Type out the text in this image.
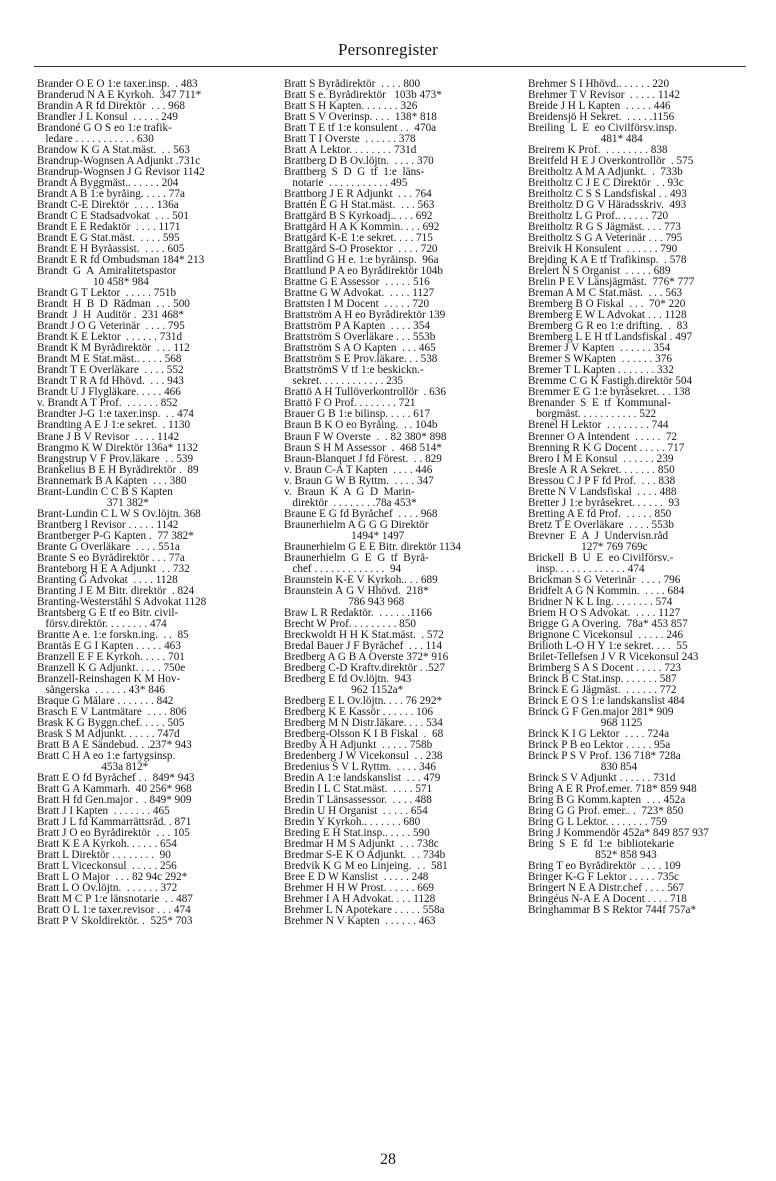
Personregister
Brander O E O 1:e taxer.insp.  . 483
Branderud N A E Kyrkoh.  347 711*
Brandin A R fd Direktör  . . . 968
Brandler J L Konsul  . . . . . 249
Brandoné G O S eo 1:e trafik-
ledare . . . . . . . . . . . 630
Brandow K G A Stat.mäst.  . . 563
Brandrup-Wognsen A Adjunkt .731c
Brandrup-Wognsen J G Revisor 1142
Brandt A Byggmäst.. . . . . . 204
Brandt A B 1:e byråing. . . . . 77a
Brandt C-E Direktör  . . . . 136a
Brandt C E Stadsadvokat  . . . 501
Brandt E E Redaktör  . . . . 1171
Brandt E G Stat.mäst.  . . . . 595
Brandt E H Byråassist.  . . . . 605
Brandt E R fd Ombudsman 184* 213
Brandt  G  A  Amiralitetspastor
10 458* 984
Brandt G T Lektor  . . . . . 751b
Brandt  H  B  D  Rådman  . . . 500
Brandt  J  H  Auditör .  231 468*
Brandt J O G Veterinär  . . . . 795
Brandt K E Lektor  . . . . . . 731d
Brandt K M Byrådirektör  . . . 112
Brandt M E Stat.mäst.. . . . . 568
Brandt T E Överläkare  . . . . 552
Brandt T R A fd Hhövd.  . . . 943
Brandt U J Flygläkare. . . . . 466
v. Brandt A T Prof.  . . . . . . 852
Brandter J-G 1:e taxer.insp.  . . 474
Brandting A E J 1:e sekret.  . 1130
Brane J B V Revisor  . . . . 1142
Brangmo K W Direktör 136a* 1132
Brangstrup V F Prov.läkare  . . 539
Brankelius B E H Byrådirektör .  89
Brannemark B A Kapten  . . . 380
Brant-Lundin C C B S Kapten
371 382*
Brant-Lundin C L W S Öv.löjtn. 368
Brantberg I Revisor . . . . . 1142
Brantberger P-G Kapten .  77 382*
Brante G Överläkare  . . . . 551a
Brante S eo Byrådirektör . . . 77a
Branteborg H E A Adjunkt  . . 732
Branting G Advokat  . . . . 1128
Branting J E M Bitr. direktör  . 824
Branting-Westerståhl S Advokat 1128
Brantsberg G E tf eo Bitr. civil-
försv.direktör. . . . . . . . 474
Brantte A e. 1:e forskn.ing.  . .  85
Brantås E G I Kapten . . . . . 463
Branzell E F E Kyrkoh. . . . . 701
Branzell K G Adjunkt. . . . . 750e
Branzell-Reinshagen K M Hov-
sångerska  . . . . . . 43* 846
Braque G Målare . . . . . . . 842
Brasch E V Lantmätare  . . . . 806
Brask K G Byggn.chef. . . . . 505
Brask S M Adjunkt. . . . . . 747d
Bratt B A E Sändebud. . .237* 943
Bratt C H A eo 1:e fartygsinsp.
453a 812*
Bratt E O fd Byråchef . .  849* 943
Bratt G A Kammarh.  40 256* 968
Bratt H fd Gen.major .  . 849* 909
Bratt J I Kapten  . . . . . . . 465
Bratt J L fd Kammarrättsråd. . 871
Bratt J O eo Byrådirektör  . . . 105
Bratt K E A Kyrkoh. . . . . . 654
Bratt L Direktör . . . . . . . .  90
Bratt L Viceckonsul  . . . . . 256
Bratt L O Major  . . . 82 94c 292*
Bratt L O Öv.löjtn.  . . . . . . 372
Bratt M C P 1:e länsnotarie  . . 487
Bratt O L 1:e taxer.revisor . . . 474
Bratt P V Skoldirektör. .  525* 703
Bratt S Byrådirektör  . . . . 800
Bratt S e. Byrådirektör   103b 473*
Bratt S H Kapten. . . . . . . 326
Bratt S V Överinsp. . . .  138* 818
Bratt T E tf 1:e konsulent . .  470a
Bratt T I Överste  . . . . . . 378
Bratt Å Lektor. . . . . . . . 731d
Brattberg D B Öv.löjtn.  . . . . 370
Brattberg  S  D  G  tf  1:e  läns-
notarie  . . . . . . . . . . . 495
Brattborg J E R Adjunkt  . . . 764
Brattén E G H Stat.mäst.  . . . 563
Brattgård B S Kyrkoadj.. . . . 692
Brattgård H A K Kommin. . . . 692
Brattgård K-E 1:e sekret. . . . 715
Brattgård S-O Prosektor  . . . . 720
Brattlind G H e. 1:e byråinsp.  96a
Brattlund P A eo Byrådirektör 104b
Brattne G E Assessor  . . . . . 516
Brattne G W Advokat.  . . . . 1127
Brattsten I M Docent  . . . . . 720
Brattström A H eo Byrådirektör 139
Brattström P A Kapten  . . . . 354
Brattström S Överläkare . . . 553b
Brattström S A O Kapten  . . . 465
Brattström S E Prov.läkare. . . 538
BrattströmS V tf 1:e beskickn.-
sekret. . . . . . . . . . . . 235
Brattö A H Tullöverkontrollör  . 636
Brattö F O Prof. . . . . . . . 721
Brauer G B 1:e bilinsp. . . . . 617
Braun B K O eo Byråing.  . . 104b
Braun F W Överste  .  . 82 380* 898
Braun S H M Assessor  .  468 514*
Braun-Blanquet J fd Förest.  . . 829
v. Braun C-A T Kapten  . . . . 446
v. Braun G W B Ryttm.  . . . . 347
v.  Braun  K  A  G  D  Marin-
direktör  . . . . . . . .78a 453*
Braune E G fd Byråchef  . . . . 968
Braunerhielm A G G G Direktör
1494* 1497
Braunerhielm G E E Bitr. direktör 1134
Braunerhielm  G  E  G  tf  Byrå-
chef . . . . . . . . . . . . .  94
Braunstein K-E V Kyrkoh.. . . 689
Braunstein Å G V Hhövd.  218*
786 943 968
Braw L R Redaktör.  . . . . . .1166
Brecht W Prof. . . . . . . . . 850
Breckwoldt H H K Stat.mäst.  . 572
Bredal Bauer J F Byråchef  . . . 114
Bredberg A G B A Överste 372* 916
Bredberg C-D Kraftv.direktör . .527
Bredberg E fd Öv.löjtn.  943
962 1152a*
Bredberg E L Öv.löjtn. . . . 76 292*
Bredberg K E Kassör . . . . . . 106
Bredberg M N Distr.läkare. . . . 534
Bredberg-Olsson K I B Fiskal  .  68
Bredby A H Adjunkt  . . . . . 758b
Bredenberg J W Vicekonsul  . . 238
Bredenius S V L Ryttm.  . . . . 346
Bredin A 1:e landskanslist  . . . 479
Bredin I L C Stat.mäst.  . . . . 571
Bredin T Länsassessor.  . . . . 488
Bredin U H Organist  . . . . . 654
Bredin Y Kyrkoh.. . . . . . . 680
Breding E H Stat.insp.. . . . . 590
Bredmar H M S Adjunkt  . . . 738c
Bredmar S-E K O Adjunkt.  . . 734b
Bredvik K G M eo Linjeing.  . .  581
Bree E D W Kanslist  . . . . . 248
Brehmer H H W Prost. . . . . . 669
Brehmer I A H Advokat. . . . 1128
Brehmer L N Apotekare . . . . . 558a
Brehmer N V Kapten  . . . . . . 463
Brehmer S I Hhövd.. . . . . . 220
Brehmer T V Revisor  . . . . . 1142
Breide J H L Kapten  . . . . . 446
Breidensjö H Sekret.  . . . . .1156
Breiling  L  E  eo Civilförsv.insp.
481* 484
Breirem K Prof.  . . . . . . . . 838
Breitfeld H E J Överkontrollör  . 575
Breitholtz A M A Adjunkt.  .  733b
Breitholtz C J E C Direktör  . . 93c
Breitholtz C S S Landsfiskal . . 493
Breitholtz D G V Häradsskriv.  493
Breitholtz L G Prof.. . . . . . 720
Breitholtz R G S Jägmäst. . . . 773
Breitholtz S G A Veterinär . . . 795
Breivik H Konsulent  . . . . . . 790
Brejding K A E tf Trafikinsp.  . 578
Brelert N S Organist  . . . . . 689
Brelin P E V Länsjägmäst.  776* 777
Breman A M C Stat.mäst.  . . . 563
Bremberg B O Fiskal  . . .  70* 220
Bremberg E W L Advokat . . . 1128
Bremberg G R eo 1:e drifting.  .  83
Bremberg L E H tf Landsfiskal . 497
Bremer J V Kapten  . . . . . . 354
Bremer S WKapten  . . . . . . 376
Bremer T L Kapten . . . . . . . 332
Bremme C G K Fastigh.direktör 504
Bremmer E G 1:e byråsekret. . . 138
Brenander  S  E  tf  Kommunal-
borgmäst. . . . . . . . . . . 522
Brenel H Lektor  . . . . . . . . 744
Brenner O A Intendent  . . . . .  72
Brenning R K G Docent . . . . . 717
Brero I M E Konsul  . . . . . . 239
Bresle Å R A Sekret. . . . . . . 850
Bressou C J P F fd Prof.  . . . 838
Brette N V Landsfiskal  . . . . 488
Bretter J 1:e byråsekret. . . . . .  93
Bretting A E fd Prof.  . . . . . 850
Bretz T E Överläkare  . . . . 553b
Brevner  E  A  J  Undervisn.råd
127* 769 769c
Brickell  B  U  E  eo Civilförsv.-
insp. . . . . . . . . . . . . 474
Brickman S G Veterinär  . . . . 796
Bridfelt A G N Kommin.  . . . . 684
Bridner N K L Ing. . . . . . . . 574
Briem H O S Advokat.  . . . . 1127
Brigge G A Övering.  78a* 453 857
Brignone C Vicekonsul  . . . . . 246
Brilioth L-O H Y 1:e sekret. . . .  55
Brilet-Tellefsen J V R Vicekonsul 243
Brimberg S A S Docent . . . . . 723
Brinck B C Stat.insp. . . . . . . 587
Brinck E G Jägmäst.  . . . . . . 772
Brinck E O S 1:e landskanslist 484
Brinck G F Gen.major 281* 909
968 1125
Brinck K I G Lektor  . . . . 724a
Brinck P B eo Lektor . . . . . 95a
Brinck P S V Prof. 136 718* 728a
830 854
Brinck S V Adjunkt . . . . . . 731d
Bring A E R Prof.emer. 718* 859 948
Bring B G Komm.kapten  . . . 452a
Bring G G Prof. emer.. .  723* 850
Bring G L Lektor. . . . . . . . 759
Bring J Kommendör 452a* 849 857 937
Bring  S  E  fd  1:e  bibliotekarie
852* 858 943
Bring T eo Byrådirektör  . . . . 109
Bringer K-G F Lektor . . . . . 735c
Bringert N E A Distr.chef . . . . 567
Bringéus N-A E A Docent . . . . 718
Bringhammar B S Rektor 744f 757a*
28
